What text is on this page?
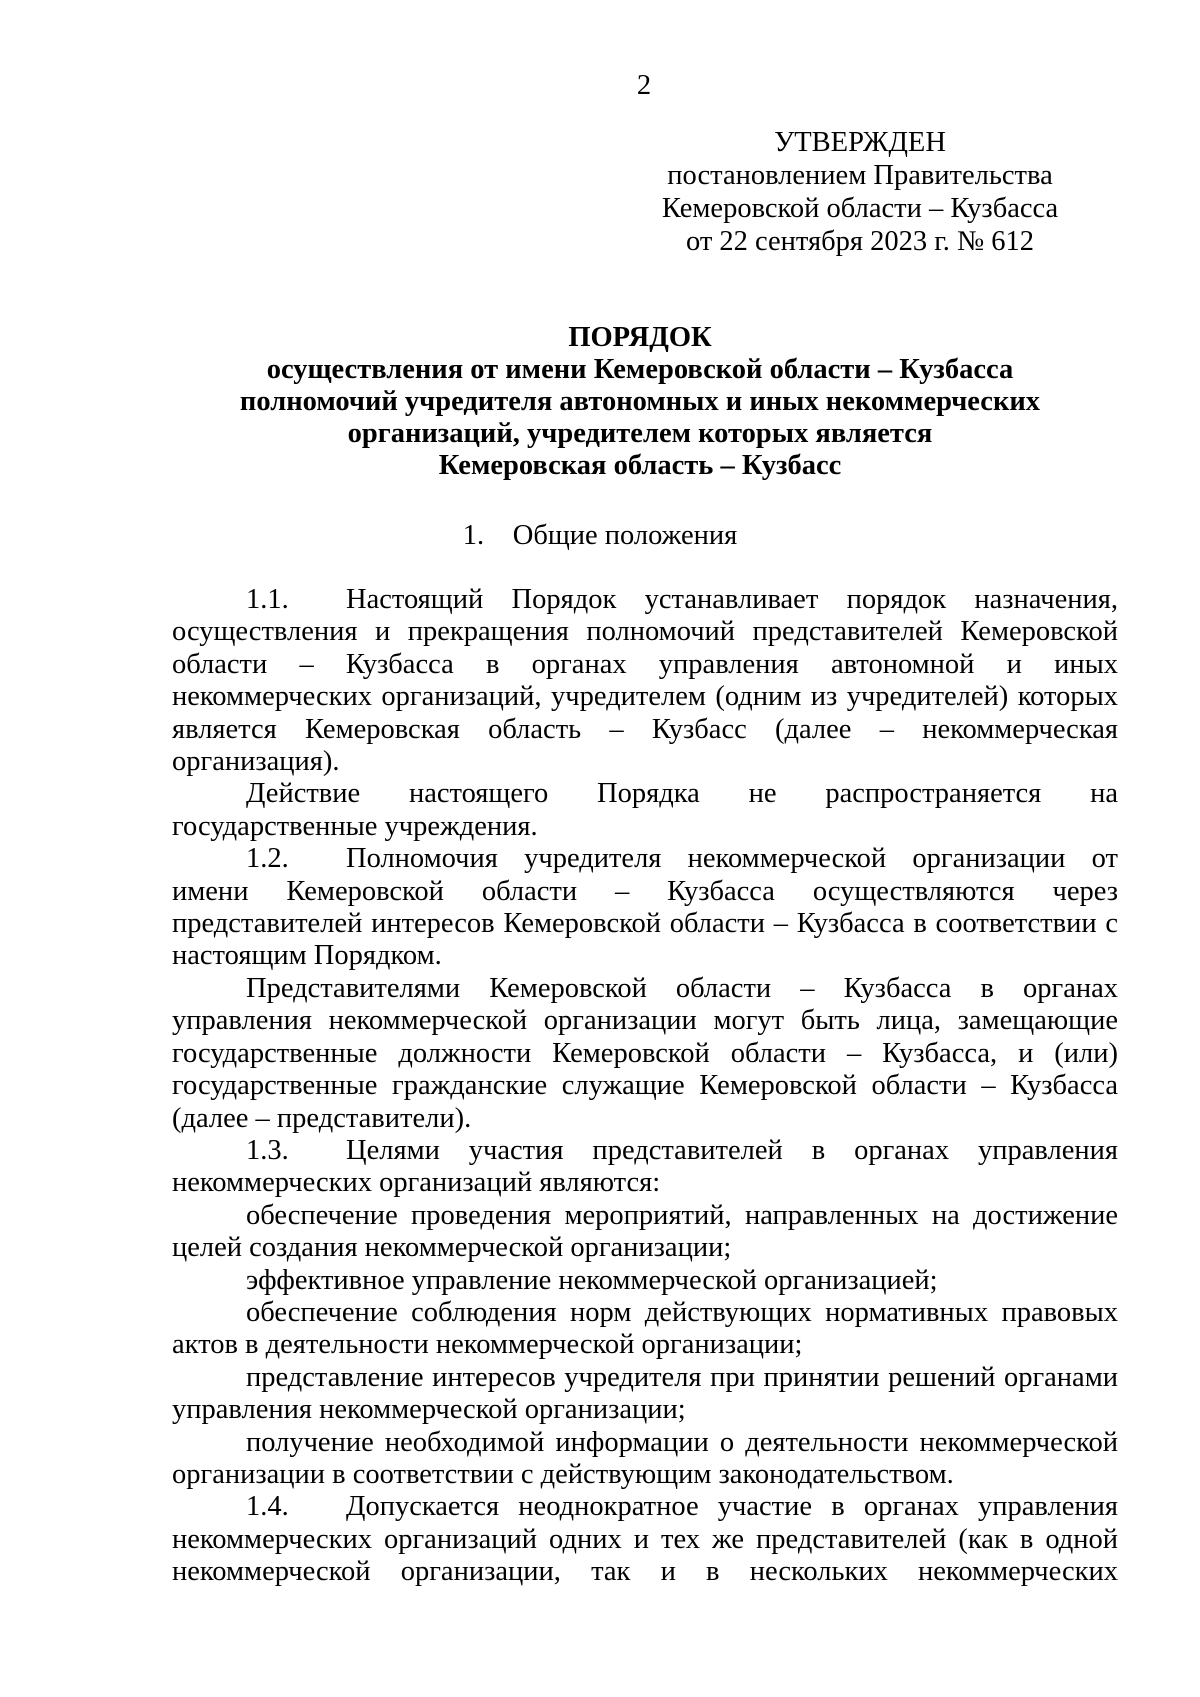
2
УТВЕРЖДЕН
постановлением Правительства
Кемеровской области – Кузбасса
от 22 сентября 2023 г. № 612
ПОРЯДОК
осуществления от имени Кемеровской области – Кузбасса
полномочий учредителя автономных и иных некоммерческих
организаций, учредителем которых является
Кемеровская область – Кузбасс
1. Общие положения

1.1. Настоящий Порядок устанавливает порядок назначения, осуществления и прекращения полномочий представителей Кемеровской области – Кузбасса в органах управления автономной и иных некоммерческих организаций, учредителем (одним из учредителей) которых является Кемеровская область – Кузбасс (далее – некоммерческая организация).

Действие настоящего Порядка не распространяется на государственные учреждения.

1.2. Полномочия учредителя некоммерческой организации от имени Кемеровской области – Кузбасса осуществляются через представителей интересов Кемеровской области – Кузбасса в соответствии с настоящим Порядком.

Представителями Кемеровской области – Кузбасса в органах управления некоммерческой организации могут быть лица, замещающие государственные должности Кемеровской области – Кузбасса, и (или) государственные гражданские служащие Кемеровской области – Кузбасса (далее – представители).

1.3. Целями участия представителей в органах управления некоммерческих организаций являются:

обеспечение проведения мероприятий, направленных на достижение целей создания некоммерческой организации;

эффективное управление некоммерческой организацией;

обеспечение соблюдения норм действующих нормативных правовых актов в деятельности некоммерческой организации;

представление интересов учредителя при принятии решений органами управления некоммерческой организации;

получение необходимой информации о деятельности некоммерческой организации в соответствии с действующим законодательством.

1.4. Допускается неоднократное участие в органах управления некоммерческих организаций одних и тех же представителей (как в одной некоммерческой организации, так и в нескольких некоммерческих
